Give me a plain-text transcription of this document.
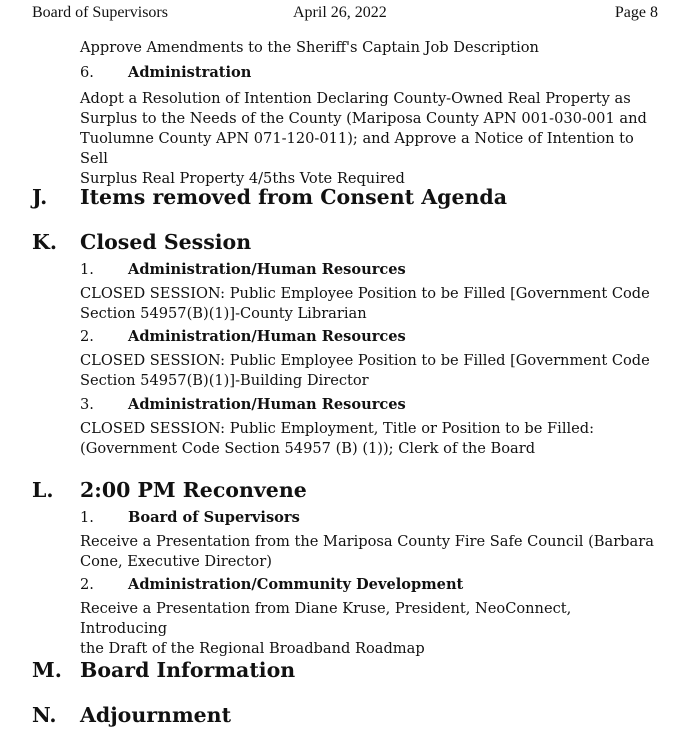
Board of Supervisors	April 26, 2022	Page 8
Approve Amendments to the Sheriff's Captain Job Description
6. Administration
Adopt a Resolution of Intention Declaring County-Owned Real Property as
Surplus to the Needs of the County (Mariposa County APN 001-030-001 and
Tuolumne County APN 071-120-011); and Approve a Notice of Intention to Sell
Surplus Real Property 4/5ths Vote Required
J. Items removed from Consent Agenda
K. Closed Session
1. Administration/Human Resources
CLOSED SESSION: Public Employee Position to be Filled [Government Code
Section 54957(B)(1)]-County Librarian
2. Administration/Human Resources
CLOSED SESSION: Public Employee Position to be Filled [Government Code
Section 54957(B)(1)]-Building Director
3. Administration/Human Resources
CLOSED SESSION: Public Employment, Title or Position to be Filled:
(Government Code Section 54957 (B) (1)); Clerk of the Board
L. 2:00 PM Reconvene
1. Board of Supervisors
Receive a Presentation from the Mariposa County Fire Safe Council (Barbara
Cone, Executive Director)
2. Administration/Community Development
Receive a Presentation from Diane Kruse, President, NeoConnect, Introducing
the Draft of the Regional Broadband Roadmap
M. Board Information
N. Adjournment
